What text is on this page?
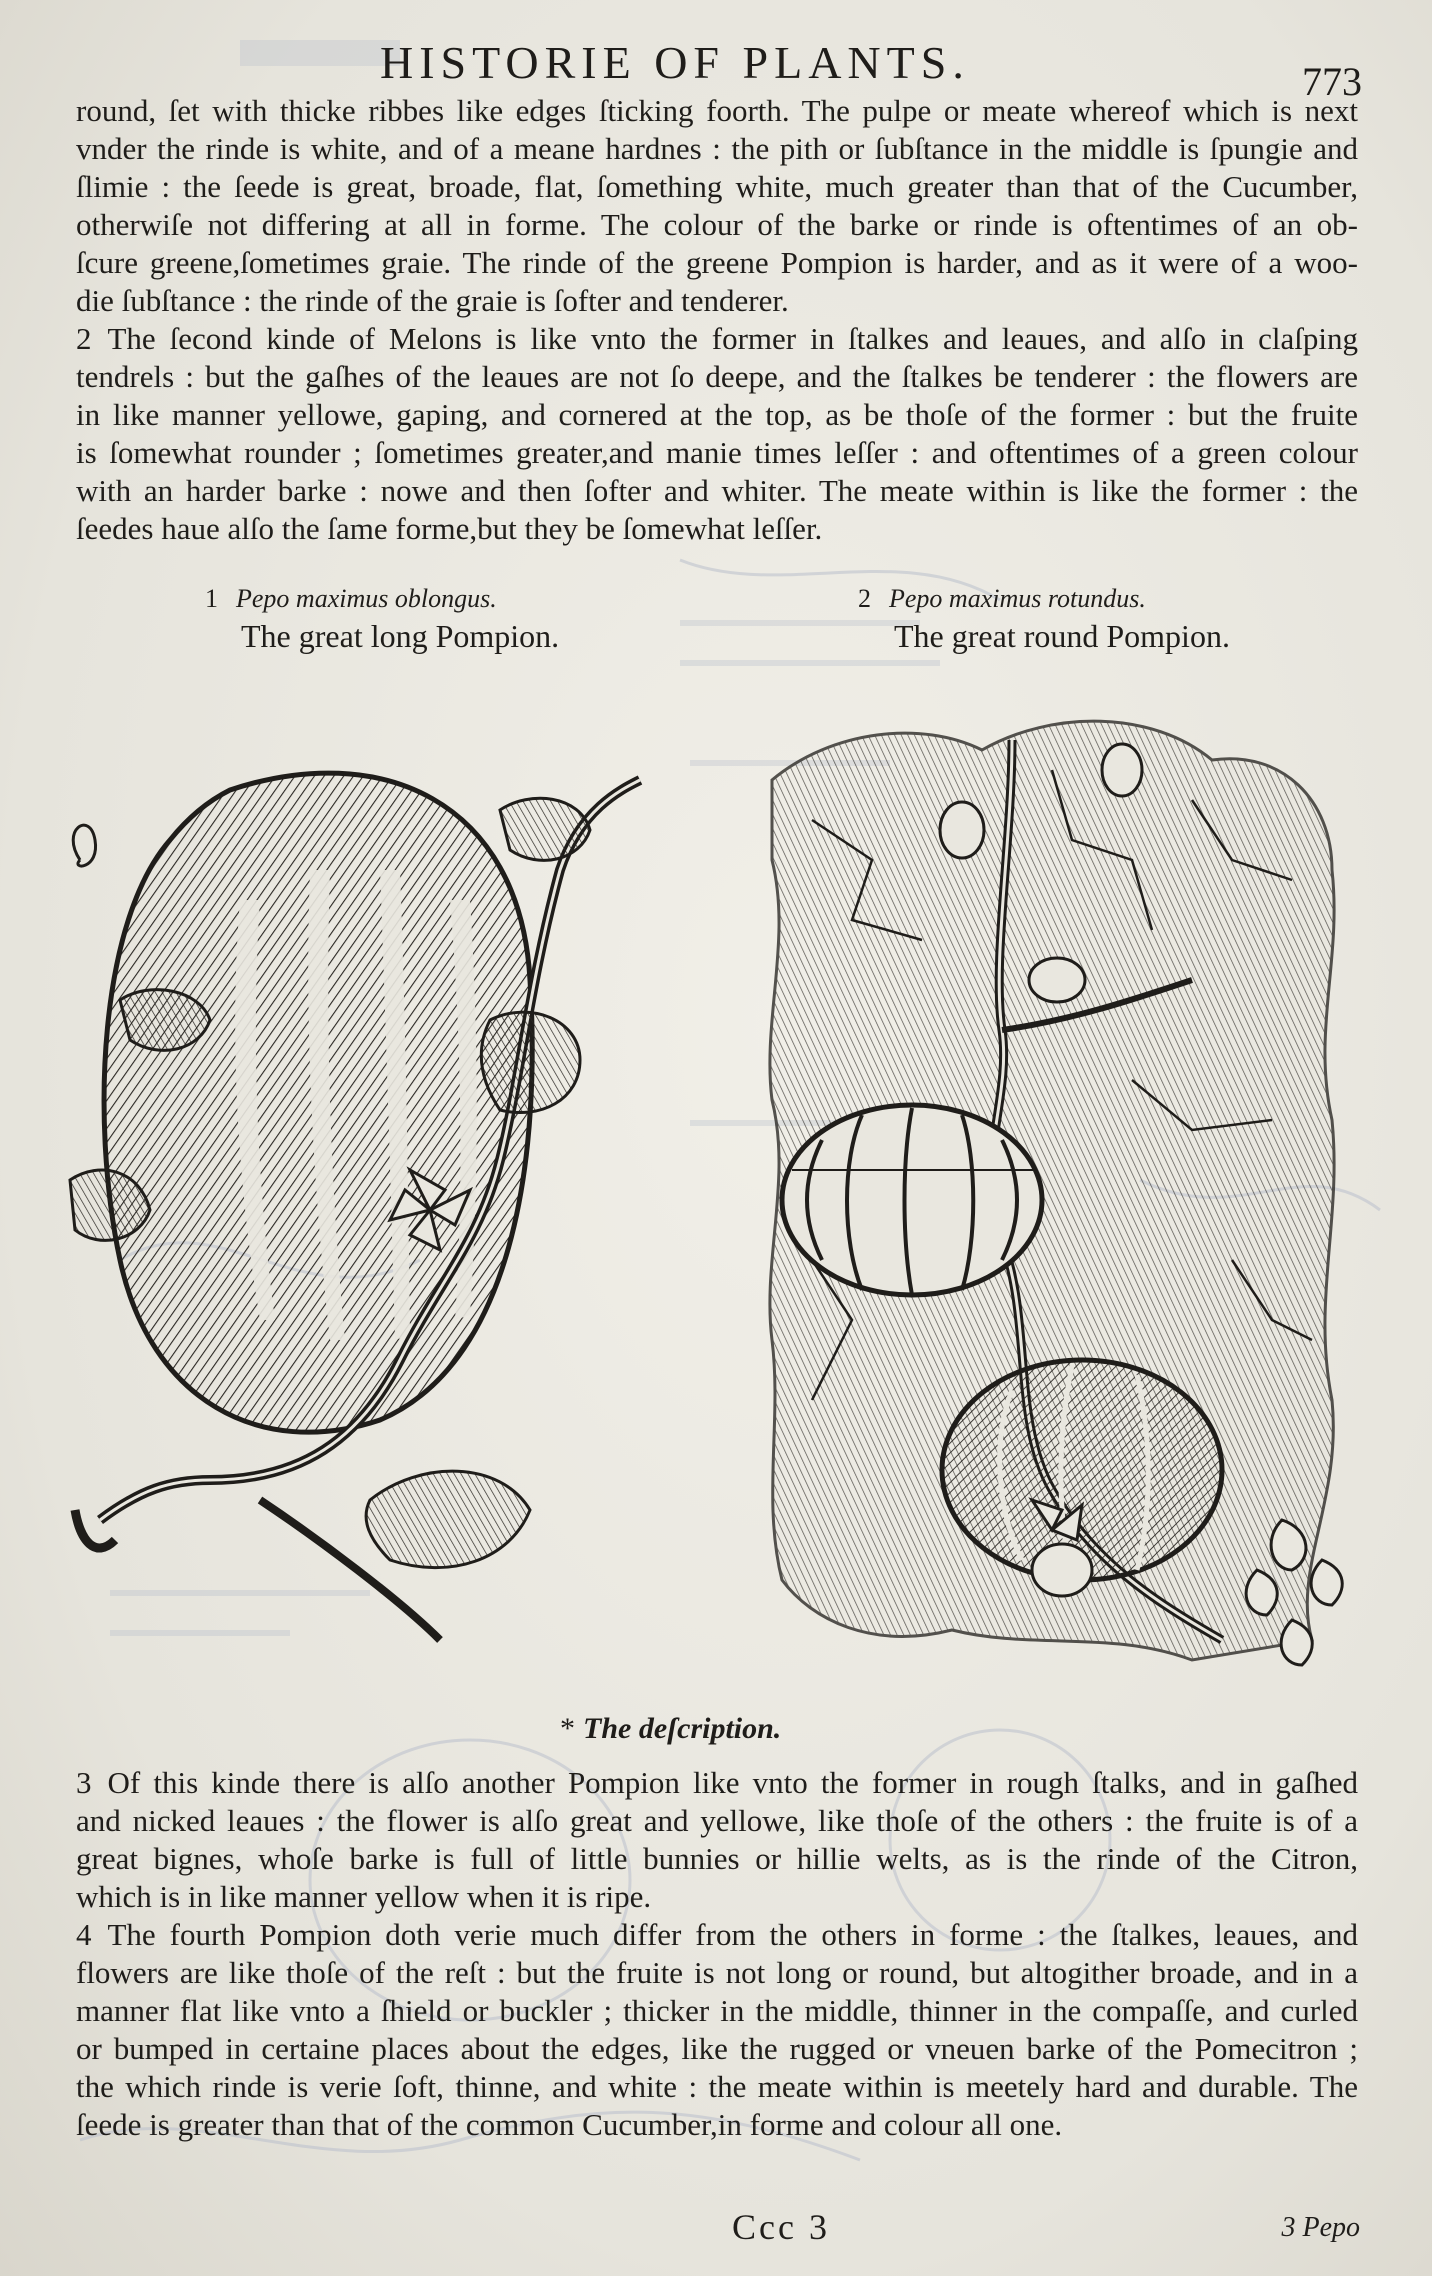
HISTORIE OF PLANTS.	773

round, ſet with thicke ribbes like edges ſticking foorth. The pulpe or meate whereof which is next

vnder the rinde is white, and of a meane hardnes : the pith or ſubſtance in the middle is ſpungie and

ſlimie : the ſeede is great, broade, flat, ſomething white, much greater than that of the Cucumber,

otherwiſe not differing at all in forme. The colour of the barke or rinde is oftentimes of an ob-

ſcure greene,ſometimes graie. The rinde of the greene Pompion is harder, and as it were of a woo-

die ſubſtance : the rinde of the graie is ſofter and tenderer.

2 The ſecond kinde of Melons is like vnto the former in ſtalkes and leaues, and alſo in claſping

tendrels : but the gaſhes of the leaues are not ſo deepe, and the ſtalkes be tenderer : the flowers are

in like manner yellowe, gaping, and cornered at the top, as be thoſe of the former : but the fruite

is ſomewhat rounder ; ſometimes greater,and manie times leſſer : and oftentimes of a green colour

with an harder barke : nowe and then ſofter and whiter. The meate within is like the former : the

ſeedes haue alſo the ſame forme,but they be ſomewhat leſſer.

1 Pepo maximus oblongus.
The great long Pompion.
2 Pepo maximus rotundus.
The great round Pompion.
* The deſcription.

3 Of this kinde there is alſo another Pompion like vnto the former in rough ſtalks, and in gaſhed

and nicked leaues : the flower is alſo great and yellowe, like thoſe of the others : the fruite is of a

great bignes, whoſe barke is full of little bunnies or hillie welts, as is the rinde of the Citron,

which is in like manner yellow when it is ripe.

4 The fourth Pompion doth verie much differ from the others in forme : the ſtalkes, leaues, and

flowers are like thoſe of the reſt : but the fruite is not long or round, but altogither broade, and in a

manner flat like vnto a ſhield or buckler ; thicker in the middle, thinner in the compaſſe, and curled

or bumped in certaine places about the edges, like the rugged or vneuen barke of the Pomecitron ;

the which rinde is verie ſoft, thinne, and white : the meate within is meetely hard and durable. The

ſeede is greater than that of the common Cucumber,in forme and colour all one.

Ccc 3	3 Pepo
